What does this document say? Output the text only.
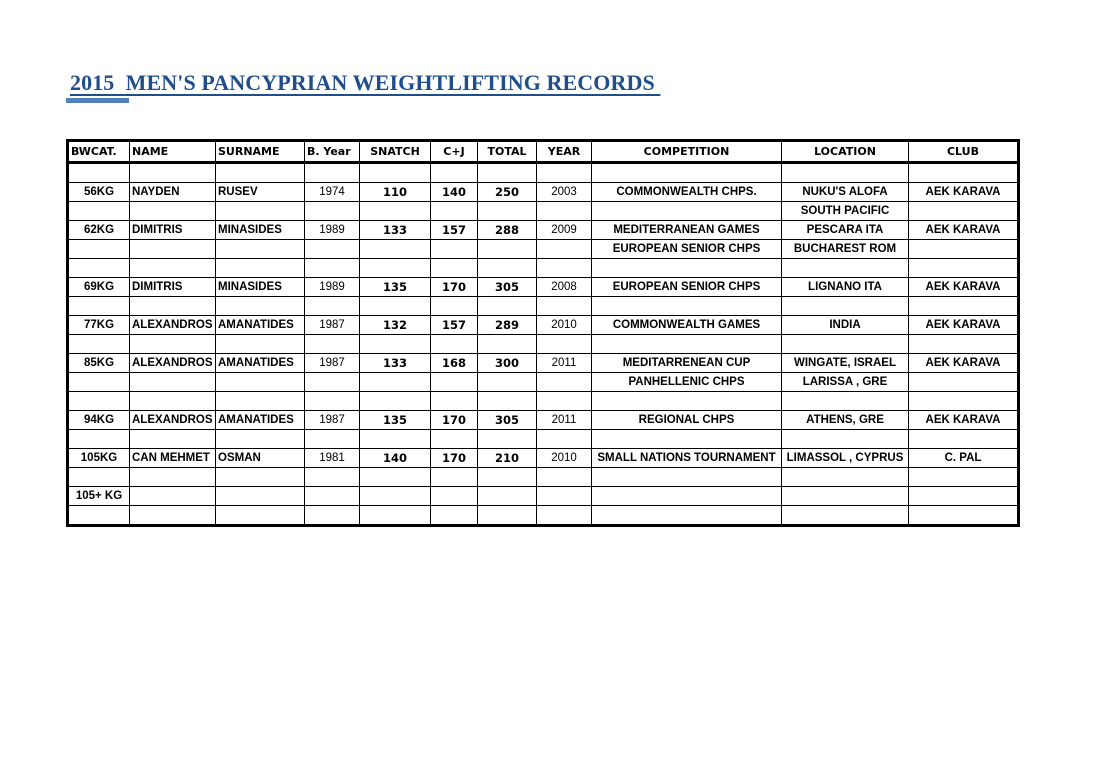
2015  MEN'S PANCYPRIAN WEIGHTLIFTING RECORDS
BWCAT.	NAME	SURNAME	B. Year	SNATCH	C+J	TOTAL	YEAR	COMPETITION	LOCATION	CLUB

56KG	NAYDEN	RUSEV	1974	110	140	250	2003	COMMONWEALTH CHPS.	NUKU'S ALOFA	AEK KARAVA
									SOUTH PACIFIC	
62KG	DIMITRIS	MINASIDES	1989	133	157	288	2009	MEDITERRANEAN GAMES	PESCARA ITA	AEK KARAVA
								EUROPEAN SENIOR CHPS	BUCHAREST ROM	

69KG	DIMITRIS	MINASIDES	1989	135	170	305	2008	EUROPEAN SENIOR CHPS	LIGNANO ITA	AEK KARAVA

77KG	ALEXANDROS	AMANATIDES	1987	132	157	289	2010	COMMONWEALTH GAMES	INDIA	AEK KARAVA

85KG	ALEXANDROS	AMANATIDES	1987	133	168	300	2011	MEDITARRENEAN CUP	WINGATE, ISRAEL	AEK KARAVA
								PANHELLENIC CHPS	LARISSA , GRE	

94KG	ALEXANDROS	AMANATIDES	1987	135	170	305	2011	REGIONAL CHPS	ATHENS, GRE	AEK KARAVA

105KG	CAN MEHMET	OSMAN	1981	140	170	210	2010	SMALL NATIONS TOURNAMENT	LIMASSOL , CYPRUS	C. PAL

105+ KG										
